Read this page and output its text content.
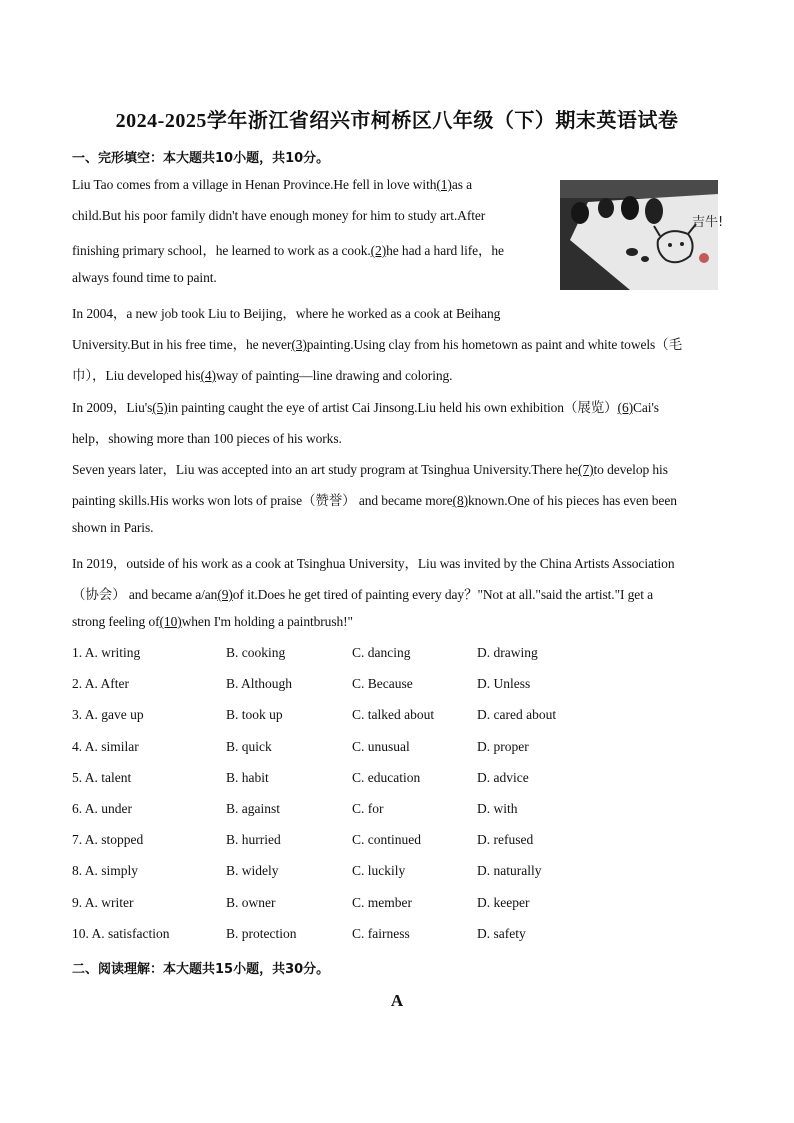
2024-2025学年浙江省绍兴市柯桥区八年级（下）期末英语试卷
一、完形填空：本大题共10小题，共10分。
吉牛!
Liu Tao comes from a village in Henan Province.He fell in love with(1)as a
child.But his poor family didn't have enough money for him to study art.After
finishing primary school，he learned to work as a cook.(2)he had a hard life，he
always found time to paint.
In 2004，a new job took Liu to Beijing，where he worked as a cook at Beihang
University.But in his free time，he never(3)painting.Using clay from his hometown as paint and white towels（毛
巾），Liu developed his(4)way of painting—line drawing and coloring.
In 2009，Liu's(5)in painting caught the eye of artist Cai Jinsong.Liu held his own exhibition（展览）(6)Cai's
help，showing more than 100 pieces of his works.
Seven years later，Liu was accepted into an art study program at Tsinghua University.There he(7)to develop his
painting skills.His works won lots of praise（赞誉） and became more(8)known.One of his pieces has even been
shown in Paris.
In 2019，outside of his work as a cook at Tsinghua University，Liu was invited by the China Artists Association
（协会） and became a/an(9)of it.Does he get tired of painting every day？"Not at all."said the artist."I get a
strong feeling of(10)when I'm holding a paintbrush!"
1. A. writing	B. cooking	C. dancing	D. drawing
2. A. After	B. Although	C. Because	D. Unless
3. A. gave up	B. took up	C. talked about	D. cared about
4. A. similar	B. quick	C. unusual	D. proper
5. A. talent	B. habit	C. education	D. advice
6. A. under	B. against	C. for	D. with
7. A. stopped	B. hurried	C. continued	D. refused
8. A. simply	B. widely	C. luckily	D. naturally
9. A. writer	B. owner	C. member	D. keeper
10. A. satisfaction	B. protection	C. fairness	D. safety
二、阅读理解：本大题共15小题，共30分。
A
